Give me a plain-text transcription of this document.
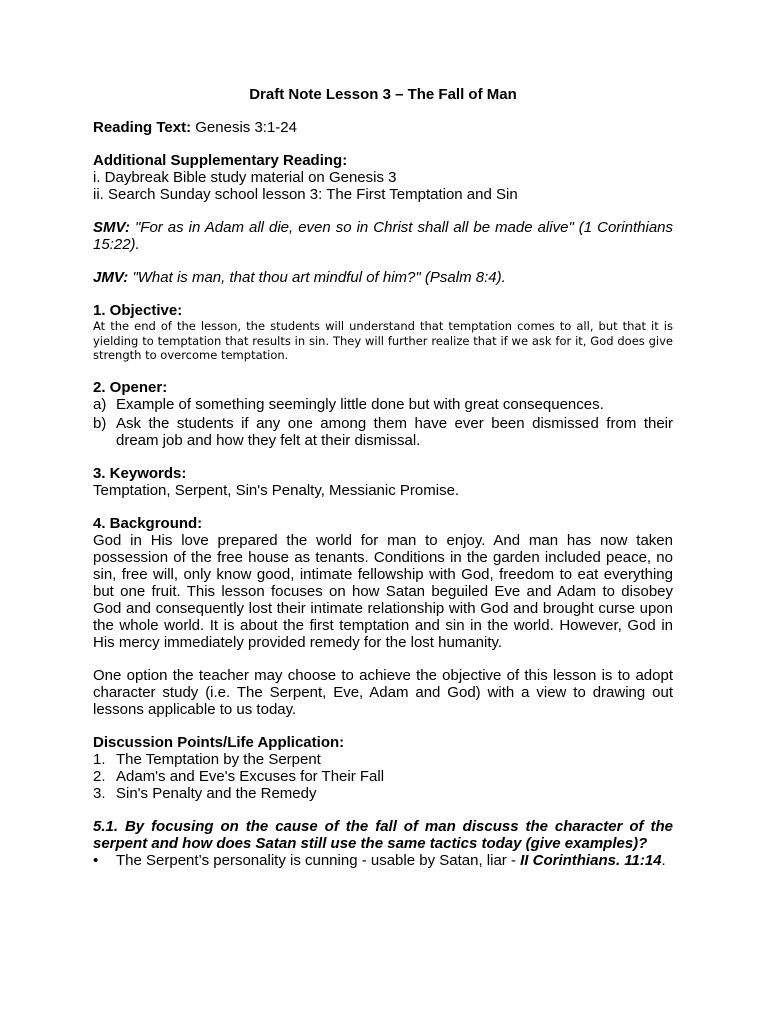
Draft Note Lesson 3 – The Fall of Man

Reading Text: Genesis 3:1-24

Additional Supplementary Reading:

i. Daybreak Bible study material on Genesis 3

ii. Search Sunday school lesson 3: The First Temptation and Sin

SMV: "For as in Adam all die, even so in Christ shall all be made alive" (1 Corinthians 15:22).

JMV: "What is man, that thou art mindful of him?" (Psalm 8:4).

1. Objective:

At the end of the lesson, the students will understand that temptation comes to all, but that it is yielding to temptation that results in sin. They will further realize that if we ask for it, God does give strength to overcome temptation.

2. Opener:

a) Example of something seemingly little done but with great consequences.
b) Ask the students if any one among them have ever been dismissed from their dream job and how they felt at their dismissal.

3. Keywords:

Temptation, Serpent, Sin's Penalty, Messianic Promise.

4. Background:

God in His love prepared the world for man to enjoy. And man has now taken possession of the free house as tenants. Conditions in the garden included peace, no sin, free will, only know good, intimate fellowship with God, freedom to eat everything but one fruit. This lesson focuses on how Satan beguiled Eve and Adam to disobey God and consequently lost their intimate relationship with God and brought curse upon the whole world. It is about the first temptation and sin in the world. However, God in His mercy immediately provided remedy for the lost humanity.

One option the teacher may choose to achieve the objective of this lesson is to adopt character study (i.e. The Serpent, Eve, Adam and God) with a view to drawing out lessons applicable to us today.

Discussion Points/Life Application:

1. The Temptation by the Serpent
2. Adam's and Eve's Excuses for Their Fall
3. Sin's Penalty and the Remedy

5.1. By focusing on the cause of the fall of man discuss the character of the serpent and how does Satan still use the same tactics today (give examples)?

•	The Serpent’s personality is cunning - usable by Satan, liar - II Corinthians. 11:14.
